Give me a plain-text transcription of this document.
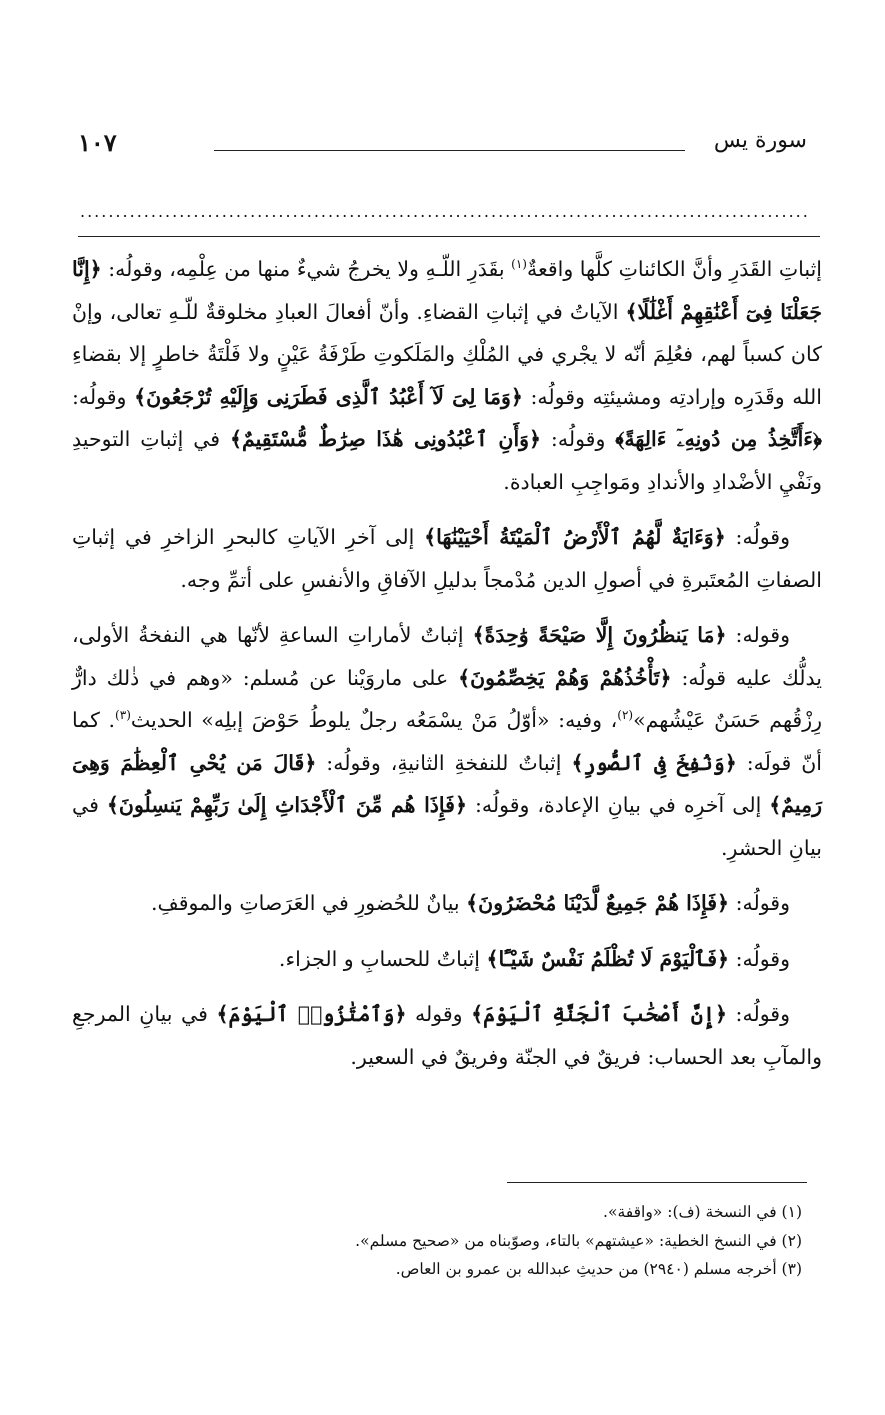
١٠٧	سورة يس
.......................................................................................................

إثباتِ القَدَرِ وأنَّ الكائناتِ كلَّها واقعةٌ$^{(١)}$ بقَدَرِ اللّـهِ ولا يخرجُ شيءٌ منها من عِلْمِه، وقولُه: ﴿إِنَّا جَعَلْنَا فِىٓ أَعْنَٰقِهِمْ أَغْلَٰلًا﴾ الآياتُ في إثباتِ القضاءِ. وأنّ أفعالَ العبادِ مخلوقةٌ للّـهِ تعالى، وإنْ كان كسباً لهم، فعُلِمَ أنّه لا يجْري في المُلْكِ والمَلَكوتِ طَرْفَةُ عَيْنٍ ولا فَلْتَةُ خاطرٍ إلا بقضاءِ الله وقَدَرِه وإرادتِه ومشيئتِه وقولُه: ﴿وَمَا لِىَ لَآ أَعْبُدُ ٱلَّذِى فَطَرَنِى وَإِلَيْهِ تُرْجَعُونَ﴾ وقولُه: ﴿ءَأَتَّخِذُ مِن دُونِهِۦٓ ءَالِهَةً﴾ وقولُه: ﴿وَأَنِ ٱعْبُدُونِى هَٰذَا صِرَٰطٌ مُّسْتَقِيمٌ﴾ في إثباتِ التوحيدِ ونَفْيِ الأضْدادِ والأندادِ ومَواجِبِ العبادة.

وقولُه: ﴿وَءَايَةٌ لَّهُمُ ٱلْأَرْضُ ٱلْمَيْتَةُ أَحْيَيْنَٰهَا﴾ إلى آخرِ الآياتِ كالبحرِ الزاخرِ في إثباتِ الصفاتِ المُعتَبرةِ في أصولِ الدين مُدْمجاً بدليلِ الآفاقِ والأنفسِ على أتمِّ وجه.

وقوله: ﴿مَا يَنظُرُونَ إِلَّا صَيْحَةً وَٰحِدَةً﴾ إثباتٌ لأماراتِ الساعةِ لأنّها هي النفخةُ الأولى، يدلُّك عليه قولُه: ﴿تَأْخُذُهُمْ وَهُمْ يَخِصِّمُونَ﴾ على ماروَيْنا عن مُسلم: «وهم في ذٰلك دارٌّ رِزْقُهم حَسَنٌ عَيْشُهم»$^{(٢)}$، وفيه: «أوّلُ مَنْ يسْمَعُه رجلٌ يلوطُ حَوْضَ إبلِه» الحديث$^{(٣)}$. كما أنّ قولَه: ﴿وَنُفِخَ فِى ٱلصُّورِ﴾ إثباتٌ للنفخةِ الثانيةِ، وقولُه: ﴿قَالَ مَن يُحْىِ ٱلْعِظَٰمَ وَهِىَ رَمِيمٌ﴾ إلى آخرِه في بيانِ الإعادة، وقولُه: ﴿فَإِذَا هُم مِّنَ ٱلْأَجْدَاثِ إِلَىٰ رَبِّهِمْ يَنسِلُونَ﴾ في بيانِ الحشرِ.

وقولُه: ﴿فَإِذَا هُمْ جَمِيعٌ لَّدَيْنَا مُحْضَرُونَ﴾ بيانٌ للحُضورِ في العَرَصاتِ والموقفِ.

وقولُه: ﴿فَٱلْيَوْمَ لَا تُظْلَمُ نَفْسٌ شَيْـًٔا﴾ إثباتٌ للحسابِ و الجزاء.

وقولُه: ﴿إِنَّ أَصْحَٰبَ ٱلْجَنَّةِ ٱلْيَوْمَ﴾ وقوله ﴿وَٱمْتَٰزُوا۟ ٱلْيَوْمَ﴾ في بيانِ المرجعِ والمآبِ بعد الحساب: فريقٌ في الجنّة وفريقٌ في السعير.

(١) في النسخة (ف): «واقفة».
(٢) في النسخ الخطية: «عيشتهم» بالتاء، وصوّبناه من «صحيح مسلم».
(٣) أخرجه مسلم (٢٩٤٠) من حديثِ عبدالله بن عمرو بن العاص.
